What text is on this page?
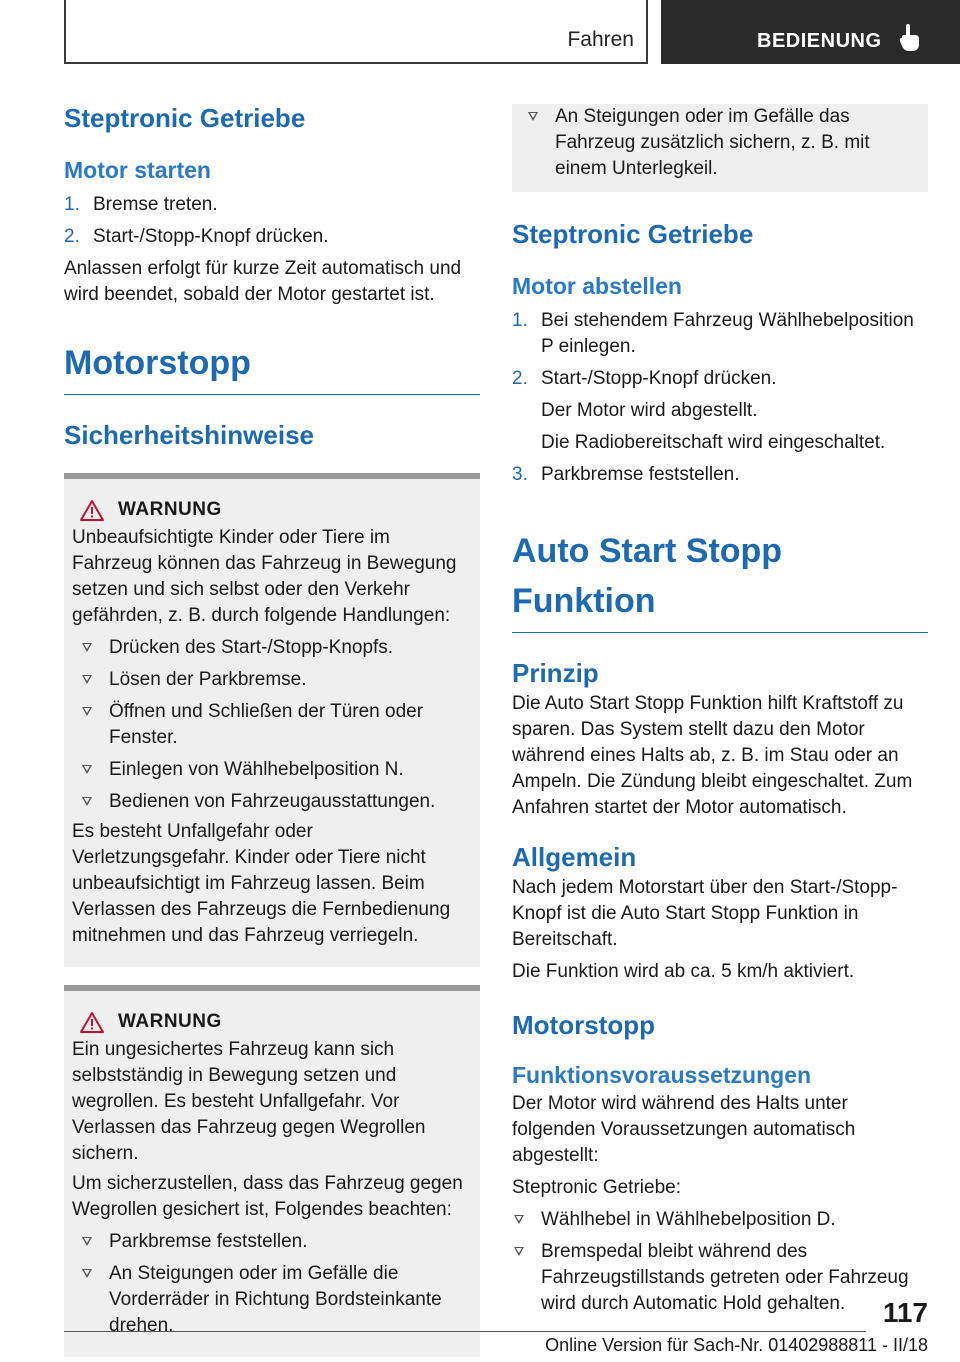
Fahren	BEDIENUNG
Steptronic Getriebe
Motor starten
1. Bremse treten.
2. Start-/Stopp-Knopf drücken.

Anlassen erfolgt für kurze Zeit automatisch und wird beendet, sobald der Motor gestartet ist.

Motorstopp
Sicherheitshinweise
WARNUNG

Unbeaufsichtigte Kinder oder Tiere im Fahrzeug können das Fahrzeug in Bewegung setzen und sich selbst oder den Verkehr gefährden, z. B. durch folgende Handlungen:

Drücken des Start-/Stopp-Knopfs.
Lösen der Parkbremse.
Öffnen und Schließen der Türen oder Fenster.
Einlegen von Wählhebelposition N.
Bedienen von Fahrzeugausstattungen.

Es besteht Unfallgefahr oder Verletzungsgefahr. Kinder oder Tiere nicht unbeaufsichtigt im Fahrzeug lassen. Beim Verlassen des Fahrzeugs die Fernbedienung mitnehmen und das Fahrzeug verriegeln.

WARNUNG

Ein ungesichertes Fahrzeug kann sich selbstständig in Bewegung setzen und wegrollen. Es besteht Unfallgefahr. Vor Verlassen das Fahrzeug gegen Wegrollen sichern.

Um sicherzustellen, dass das Fahrzeug gegen Wegrollen gesichert ist, Folgendes beachten:

Parkbremse feststellen.
An Steigungen oder im Gefälle die Vorderräder in Richtung Bordsteinkante drehen.
An Steigungen oder im Gefälle das Fahrzeug zusätzlich sichern, z. B. mit einem Unterlegkeil.
Steptronic Getriebe
Motor abstellen
1. Bei stehendem Fahrzeug Wählhebelposition P einlegen.
2. Start-/Stopp-Knopf drücken.
Der Motor wird abgestellt.
Die Radiobereitschaft wird eingeschaltet.
3. Parkbremse feststellen.
Auto Start Stopp Funktion
Prinzip

Die Auto Start Stopp Funktion hilft Kraftstoff zu sparen. Das System stellt dazu den Motor während eines Halts ab, z. B. im Stau oder an Ampeln. Die Zündung bleibt eingeschaltet. Zum Anfahren startet der Motor automatisch.

Allgemein

Nach jedem Motorstart über den Start-/Stopp-Knopf ist die Auto Start Stopp Funktion in Bereitschaft.

Die Funktion wird ab ca. 5 km/h aktiviert.

Motorstopp
Funktionsvoraussetzungen

Der Motor wird während des Halts unter folgenden Voraussetzungen automatisch abgestellt:

Steptronic Getriebe:

Wählhebel in Wählhebelposition D.
Bremspedal bleibt während des Fahrzeugstillstands getreten oder Fahrzeug wird durch Automatic Hold gehalten.	117
Online Version für Sach-Nr. 01402988811 - II/18
